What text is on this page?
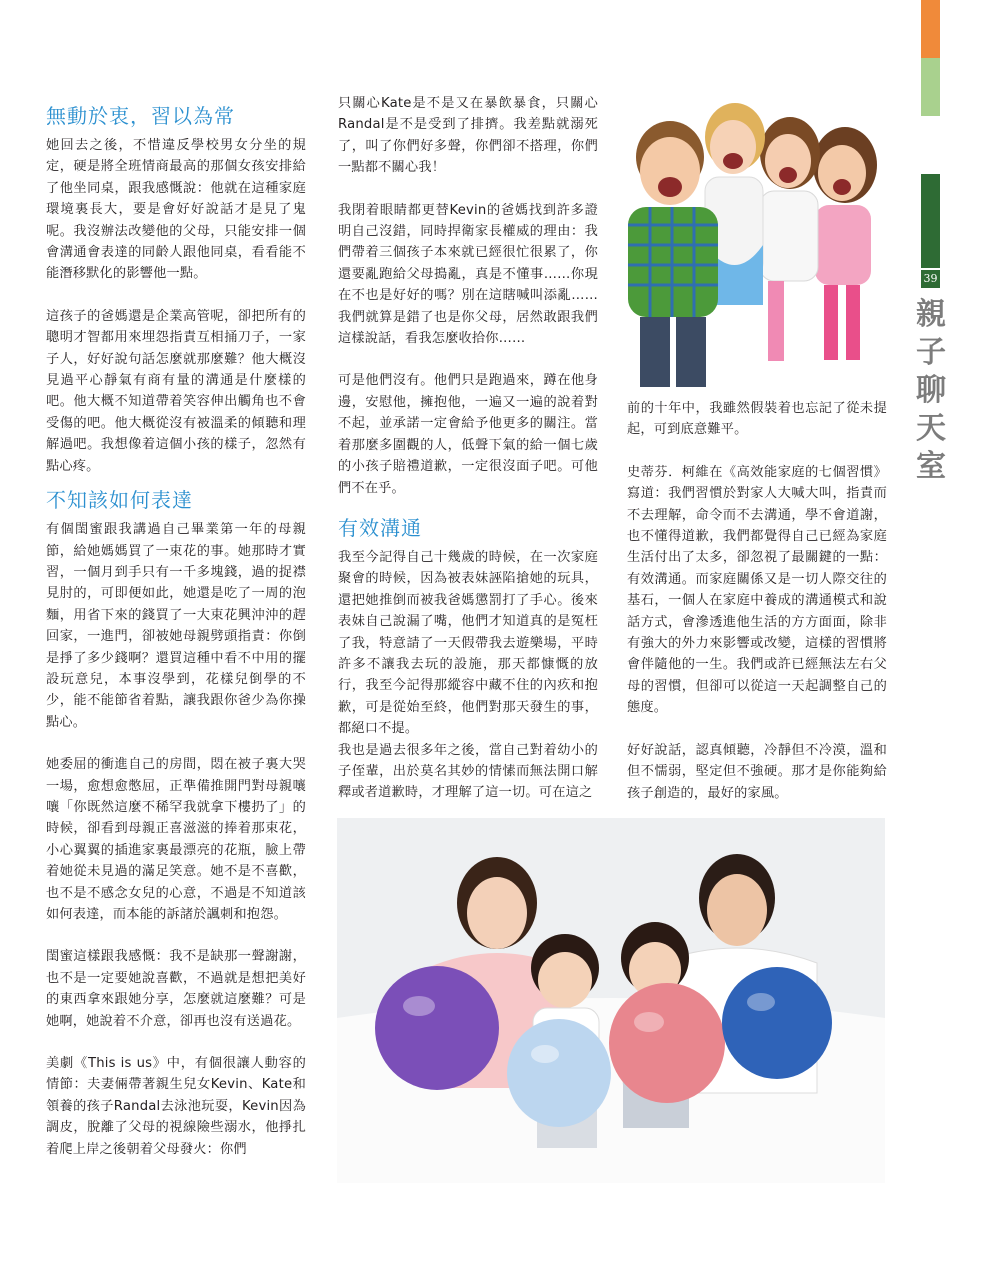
39
親
子
聊
天
室
無動於衷，習以為常

她回去之後，不惜違反學校男女分坐的規定，硬是將全班情商最高的那個女孩安排給了他坐同桌，跟我感慨說：他就在這種家庭環境裏長大，要是會好好說話才是見了鬼呢。我沒辦法改變他的父母，只能安排一個會溝通會表達的同齡人跟他同桌，看看能不能潛移默化的影響他一點。

這孩子的爸媽還是企業高管呢，卻把所有的聰明才智都用來埋怨指責互相捅刀子，一家子人，好好說句話怎麼就那麼難？他大概沒見過平心靜氣有商有量的溝通是什麼樣的吧。他大概不知道帶着笑容伸出觸角也不會受傷的吧。他大概從沒有被溫柔的傾聽和理解過吧。我想像着這個小孩的樣子，忽然有點心疼。

不知該如何表達

有個閨蜜跟我講過自己畢業第一年的母親節，給她媽媽買了一束花的事。她那時才實習，一個月到手只有一千多塊錢，過的捉襟見肘的，可即便如此，她還是吃了一周的泡麵，用省下來的錢買了一大束花興沖沖的趕回家，一進門，卻被她母親劈頭指責：你倒是掙了多少錢啊？還買這種中看不中用的擺設玩意兒，本事沒學到，花樣兒倒學的不少，能不能節省着點，讓我跟你爸少為你操點心。

她委屈的衝進自己的房間，悶在被子裏大哭一場，愈想愈憋屈，正準備推開門對母親嚷嚷「你既然這麼不稀罕我就拿下樓扔了」的時候，卻看到母親正喜滋滋的捧着那束花，小心翼翼的插進家裏最漂亮的花瓶，臉上帶着她從未見過的滿足笑意。她不是不喜歡，也不是不感念女兒的心意，不過是不知道該如何表達，而本能的訴諸於諷刺和抱怨。

閨蜜這樣跟我感慨：我不是缺那一聲謝謝，也不是一定要她說喜歡，不過就是想把美好的東西拿來跟她分享，怎麼就這麼難？可是她啊，她說着不介意，卻再也沒有送過花。

美劇《This is us》中，有個很讓人動容的情節：夫妻倆帶著親生兒女Kevin、Kate和領養的孩子Randal去泳池玩耍，Kevin因為調皮，脫離了父母的視線險些溺水，他掙扎着爬上岸之後朝着父母發火：你們

只關心Kate是不是又在暴飲暴食，只關心Randal是不是受到了排擠。我差點就溺死了，叫了你們好多聲，你們卻不搭理，你們一點都不關心我！

我閉着眼睛都更替Kevin的爸媽找到許多證明自己沒錯，同時捍衛家長權威的理由：我們帶着三個孩子本來就已經很忙很累了，你還要亂跑給父母搗亂，真是不懂事……你現在不也是好好的嗎？別在這瞎喊叫添亂……我們就算是錯了也是你父母，居然敢跟我們這樣說話，看我怎麼收拾你……

可是他們沒有。他們只是跑過來，蹲在他身邊，安慰他，擁抱他，一遍又一遍的說着對不起，並承諾一定會給予他更多的關注。當着那麼多圍觀的人，低聲下氣的給一個七歲的小孩子賠禮道歉，一定很沒面子吧。可他們不在乎。

有效溝通

我至今記得自己十幾歲的時候，在一次家庭聚會的時候，因為被表妹誣陷搶她的玩具，還把她推倒而被我爸媽懲罰打了手心。後來表妹自己說漏了嘴，他們才知道真的是冤枉了我，特意請了一天假帶我去遊樂場，平時許多不讓我去玩的設施，那天都慷慨的放行，我至今記得那縱容中藏不住的內疚和抱歉，可是從始至終，他們對那天發生的事，都絕口不提。

我也是過去很多年之後，當自己對着幼小的子侄輩，出於莫名其妙的情愫而無法開口解釋或者道歉時，才理解了這一切。可在這之

前的十年中，我雖然假裝着也忘記了從未提起，可到底意難平。

史蒂芬．柯維在《高效能家庭的七個習慣》寫道：我們習慣於對家人大喊大叫，指責而不去理解，命令而不去溝通，學不會道謝，也不懂得道歉，我們都覺得自己已經為家庭生活付出了太多，卻忽視了最關鍵的一點：有效溝通。而家庭關係又是一切人際交往的基石，一個人在家庭中養成的溝通模式和說話方式，會滲透進他生活的方方面面，除非有強大的外力來影響或改變，這樣的習慣將會伴隨他的一生。我們或許已經無法左右父母的習慣，但卻可以從這一天起調整自己的態度。

好好說話，認真傾聽，冷靜但不冷漠，溫和但不懦弱，堅定但不強硬。那才是你能夠給孩子創造的，最好的家風。
